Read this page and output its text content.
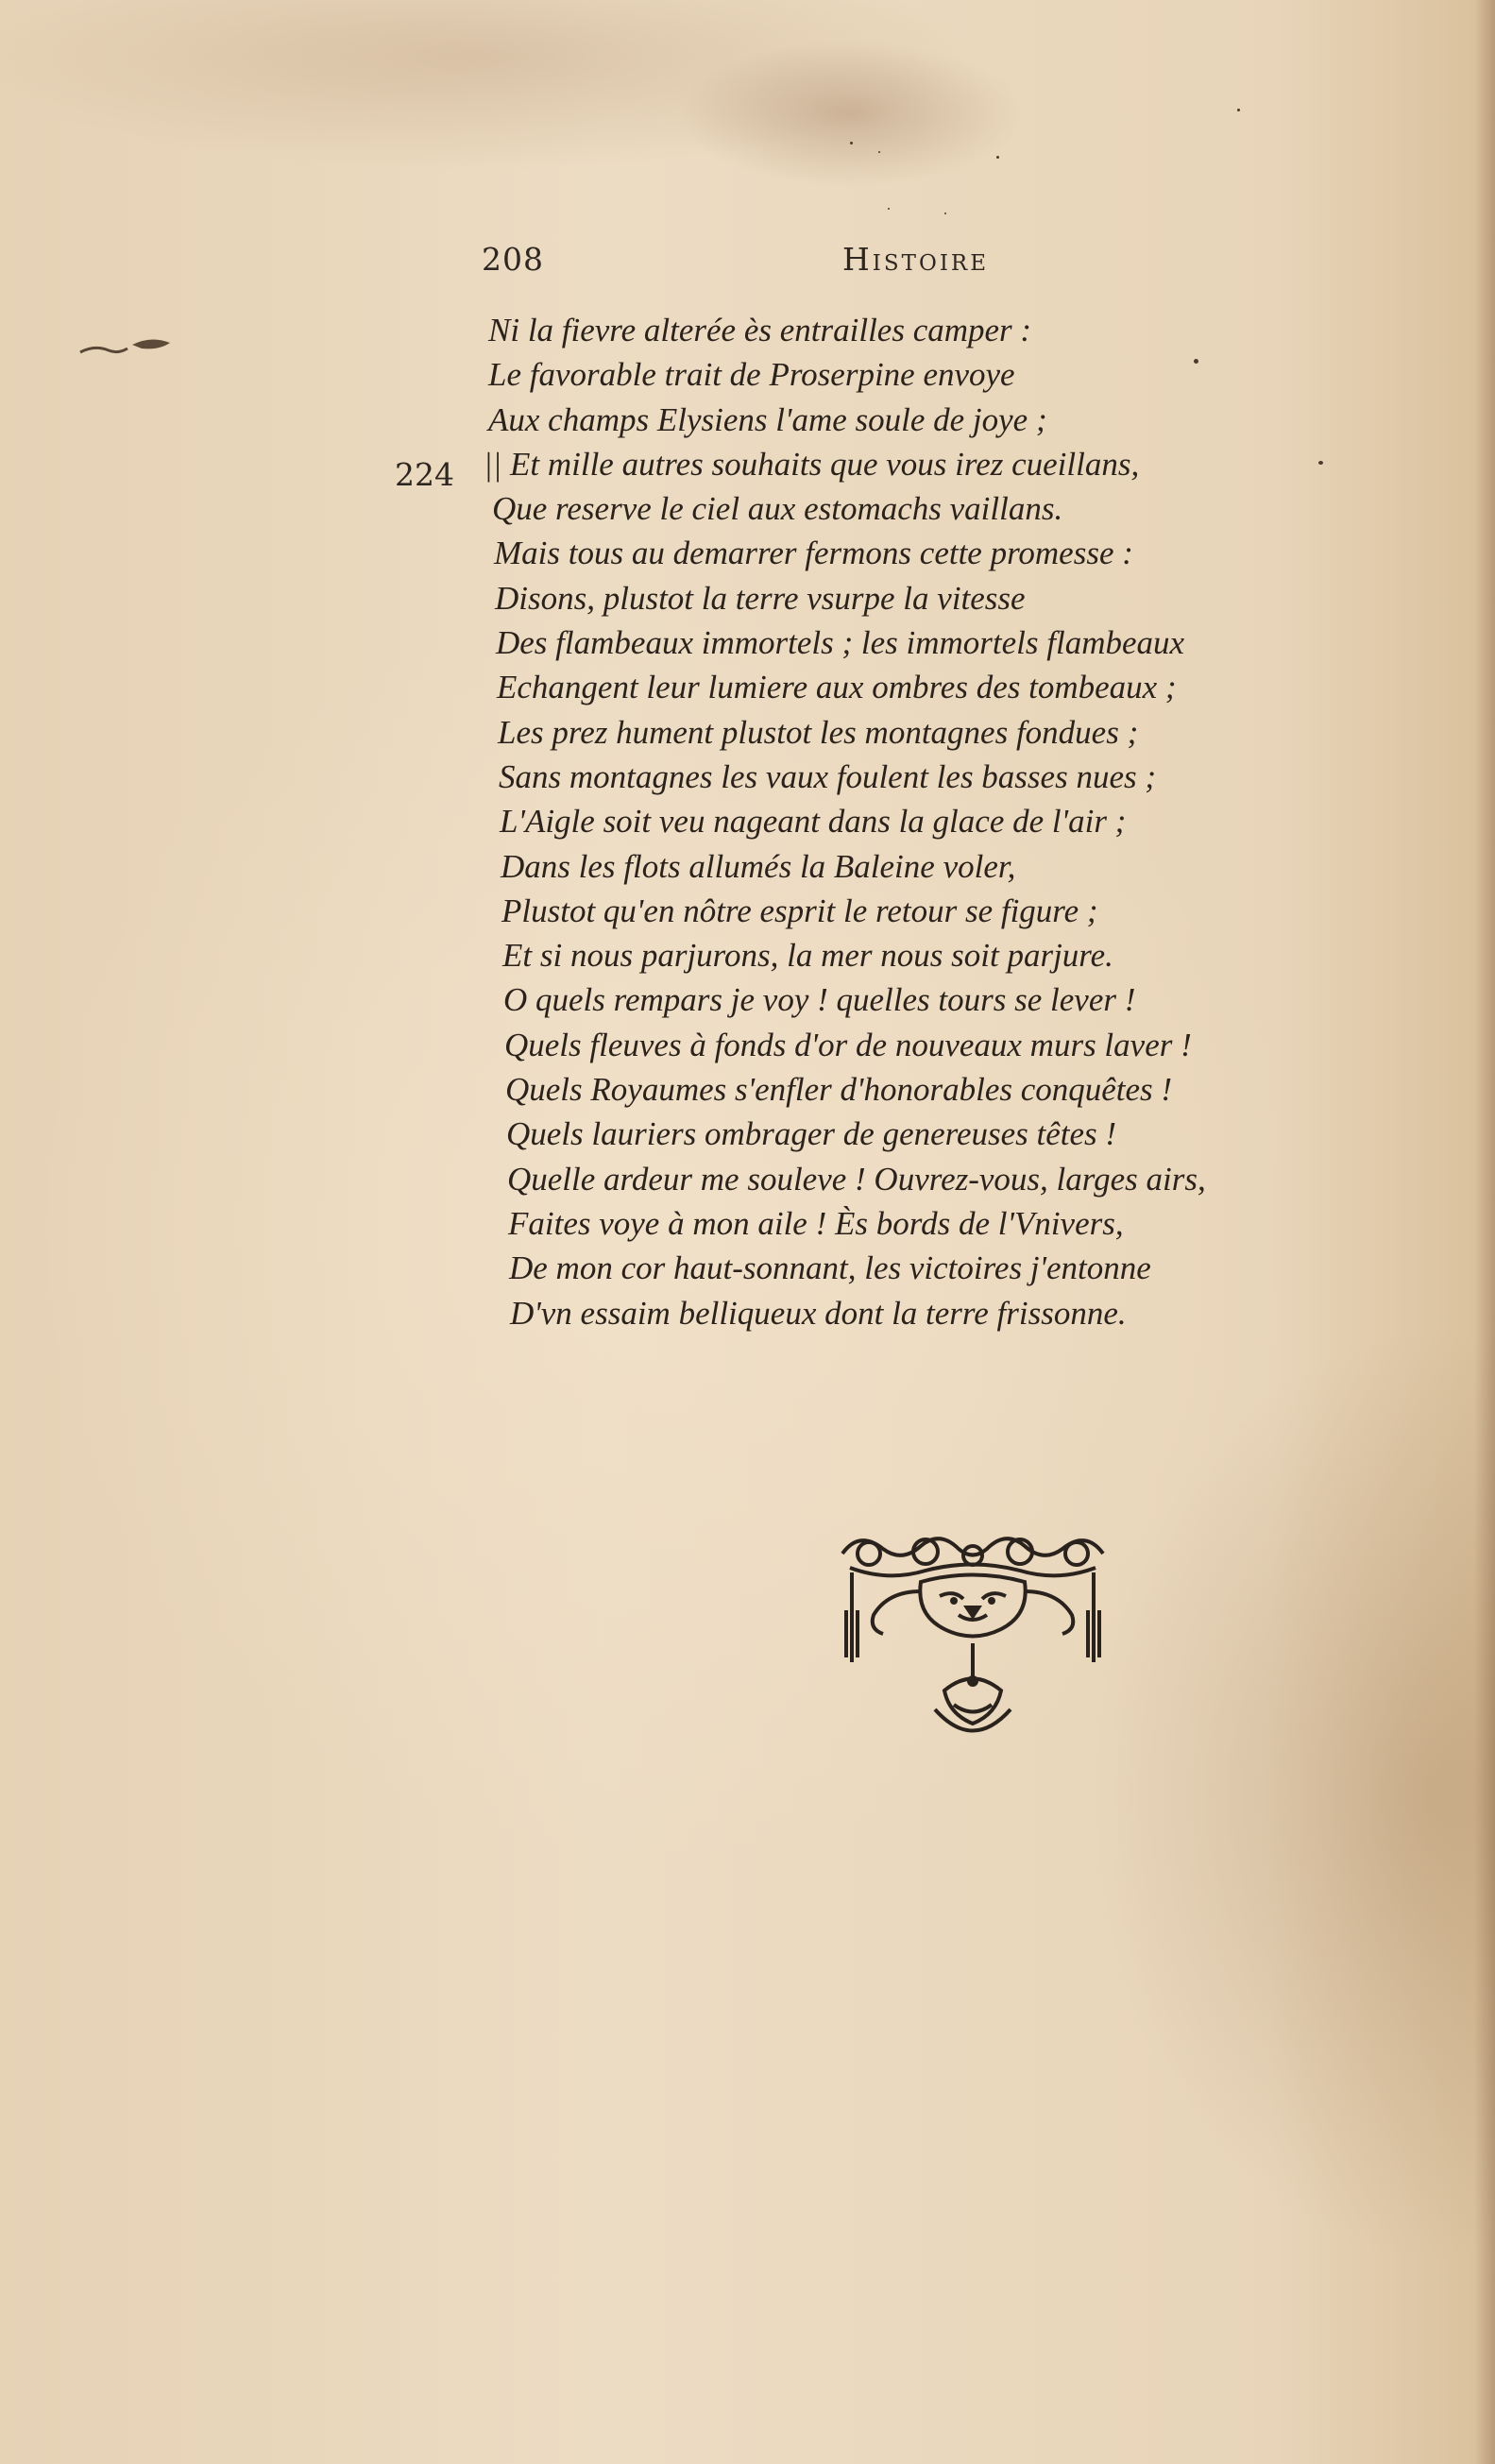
208	Histoire
224
Ni la fievre alterée ès entrailles camper :
Le favorable trait de Proserpine envoye
Aux champs Elysiens l'ame soule de joye ;
|| Et mille autres souhaits que vous irez cueillans,
Que reserve le ciel aux estomachs vaillans.
Mais tous au demarrer fermons cette promesse :
Disons, plustot la terre vsurpe la vitesse
Des flambeaux immortels ; les immortels flambeaux
Echangent leur lumiere aux ombres des tombeaux ;
Les prez hument plustot les montagnes fondues ;
Sans montagnes les vaux foulent les basses nues ;
L'Aigle soit veu nageant dans la glace de l'air ;
Dans les flots allumés la Baleine voler,
Plustot qu'en nôtre esprit le retour se figure ;
Et si nous parjurons, la mer nous soit parjure.
O quels rempars je voy ! quelles tours se lever !
Quels fleuves à fonds d'or de nouveaux murs laver !
Quels Royaumes s'enfler d'honorables conquêtes !
Quels lauriers ombrager de genereuses têtes !
Quelle ardeur me souleve ! Ouvrez-vous, larges airs,
Faites voye à mon aile ! Ès bords de l'Vnivers,
De mon cor haut-sonnant, les victoires j'entonne
D'vn essaim belliqueux dont la terre frissonne.
